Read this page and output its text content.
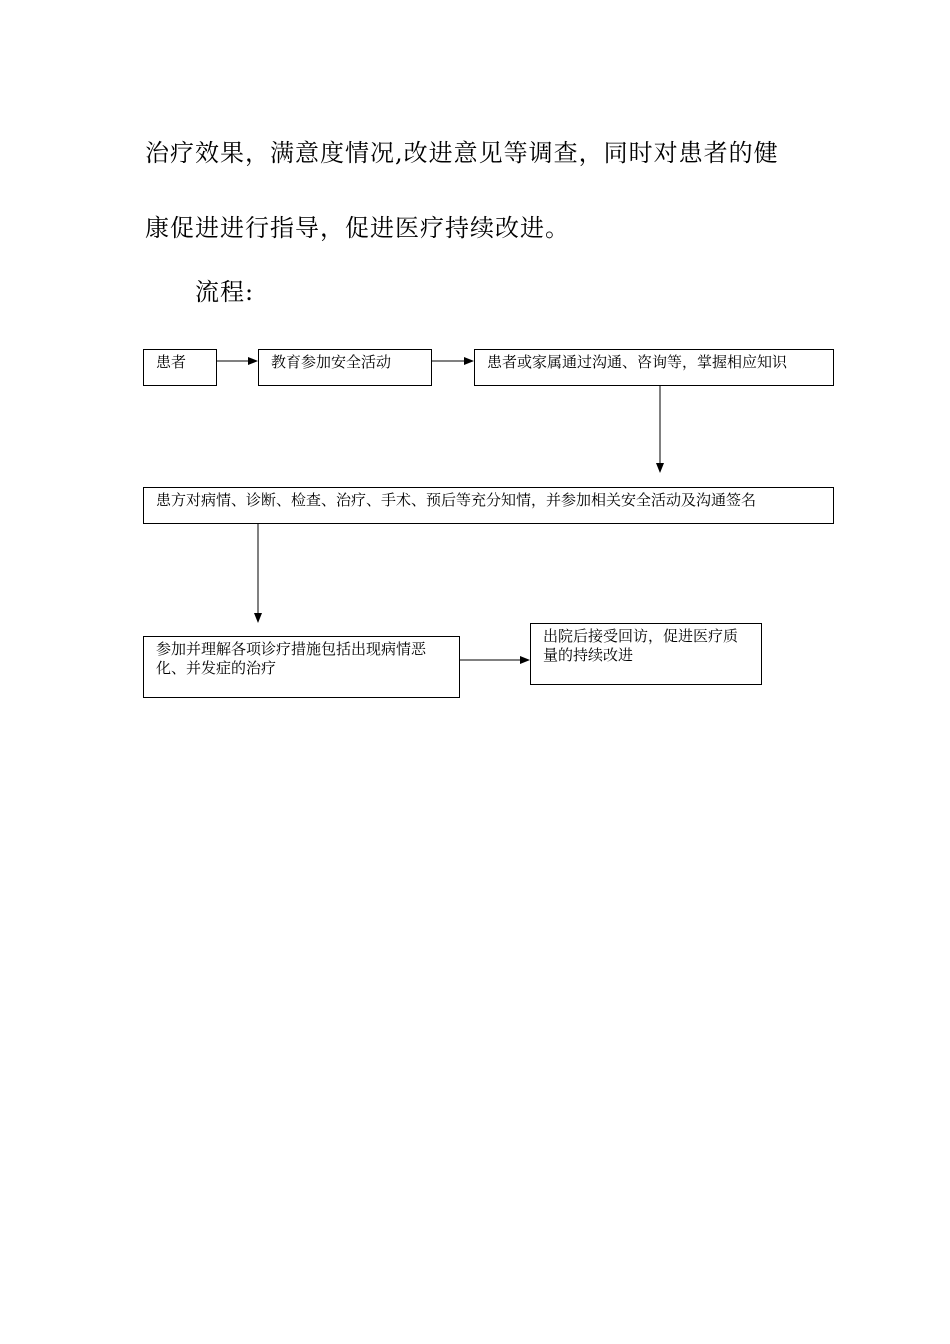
治疗效果，满意度情况,改进意见等调查，同时对患者的健

康促进进行指导，促进医疗持续改进。

流程:

患者	教育参加安全活动	患者或家属通过沟通、咨询等，掌握相应知识
患方对病情、诊断、检查、治疗、手术、预后等充分知情，并参加相关安全活动及沟通签名
参加并理解各项诊疗措施包括出现病情恶化、并发症的治疗
出院后接受回访，促进医疗质量的持续改进
